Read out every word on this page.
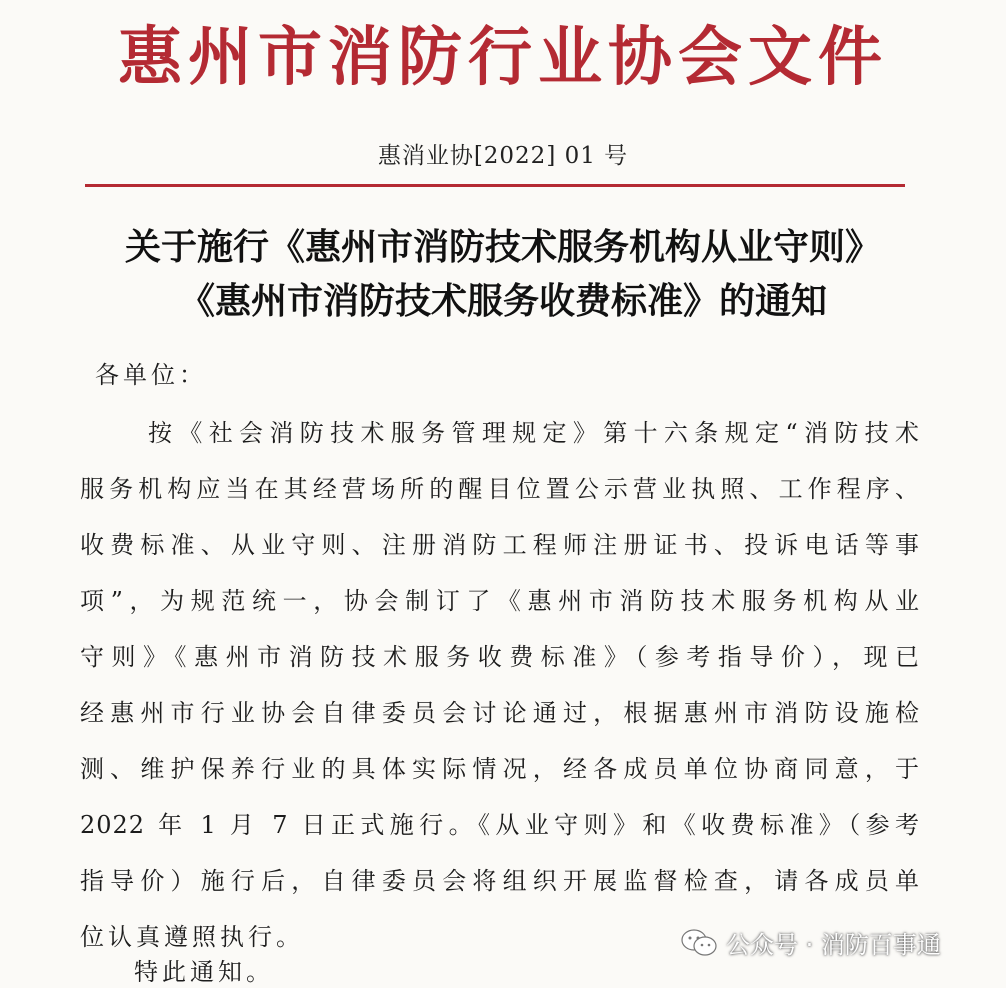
惠州市消防行业协会文件
惠消业协[2022] 01 号
关于施行《惠州市消防技术服务机构从业守则》
《惠州市消防技术服务收费标准》的通知
各单位：
按《社会消防技术服务管理规定》第十六条规定“消防技术
服务机构应当在其经营场所的醒目位置公示营业执照、工作程序、
收费标准、从业守则、注册消防工程师注册证书、投诉电话等事
项”，为规范统一，协会制订了《惠州市消防技术服务机构从业
守则》《惠州市消防技术服务收费标准》（参考指导价），现已
经惠州市行业协会自律委员会讨论通过，根据惠州市消防设施检
测、维护保养行业的具体实际情况，经各成员单位协商同意，于
2022 年 1 月 7 日正式施行。《从业守则》和《收费标准》（参考
指导价）施行后，自律委员会将组织开展监督检查，请各成员单
位认真遵照执行。
特此通知。
公众号 · 消防百事通
